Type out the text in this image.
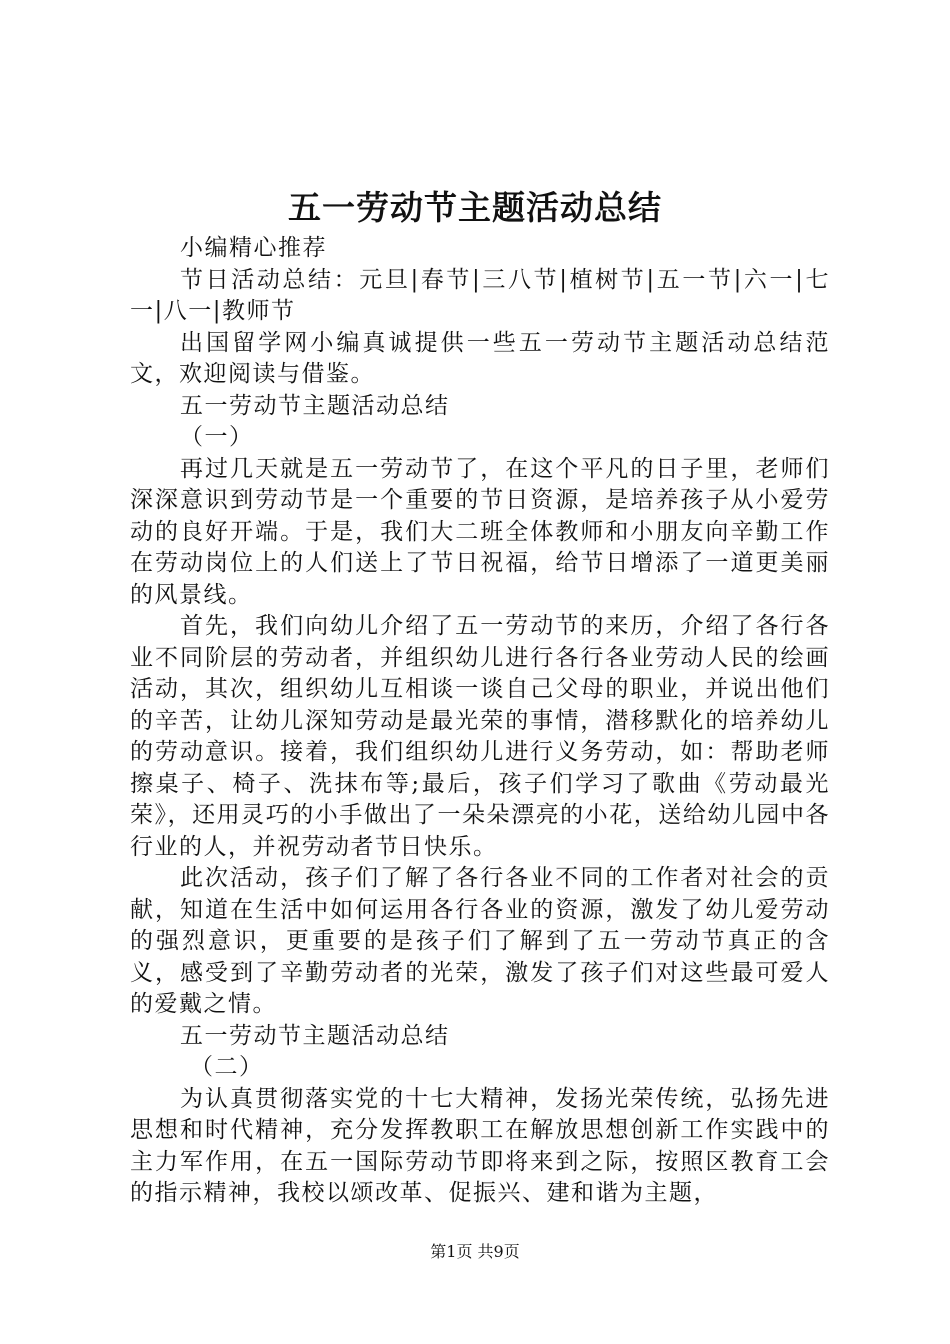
五一劳动节主题活动总结

小编精心推荐

节日活动总结：元旦|春节|三八节|植树节|五一节|六一|七一|八一|教师节

出国留学网小编真诚提供一些五一劳动节主题活动总结范文，欢迎阅读与借鉴。

五一劳动节主题活动总结

（一）

再过几天就是五一劳动节了，在这个平凡的日子里，老师们深深意识到劳动节是一个重要的节日资源，是培养孩子从小爱劳动的良好开端。于是，我们大二班全体教师和小朋友向辛勤工作在劳动岗位上的人们送上了节日祝福，给节日增添了一道更美丽的风景线。

首先，我们向幼儿介绍了五一劳动节的来历，介绍了各行各业不同阶层的劳动者，并组织幼儿进行各行各业劳动人民的绘画活动，其次，组织幼儿互相谈一谈自己父母的职业，并说出他们的辛苦，让幼儿深知劳动是最光荣的事情，潜移默化的培养幼儿的劳动意识。接着，我们组织幼儿进行义务劳动，如：帮助老师擦桌子、椅子、洗抹布等;最后，孩子们学习了歌曲《劳动最光荣》，还用灵巧的小手做出了一朵朵漂亮的小花，送给幼儿园中各行业的人，并祝劳动者节日快乐。

此次活动，孩子们了解了各行各业不同的工作者对社会的贡献，知道在生活中如何运用各行各业的资源，激发了幼儿爱劳动的强烈意识，更重要的是孩子们了解到了五一劳动节真正的含义，感受到了辛勤劳动者的光荣，激发了孩子们对这些最可爱人的爱戴之情。

五一劳动节主题活动总结

（二）

为认真贯彻落实党的十七大精神，发扬光荣传统，弘扬先进思想和时代精神，充分发挥教职工在解放思想创新工作实践中的主力军作用，在五一国际劳动节即将来到之际，按照区教育工会的指示精神，我校以颂改革、促振兴、建和谐为主题，

第1页 共9页
